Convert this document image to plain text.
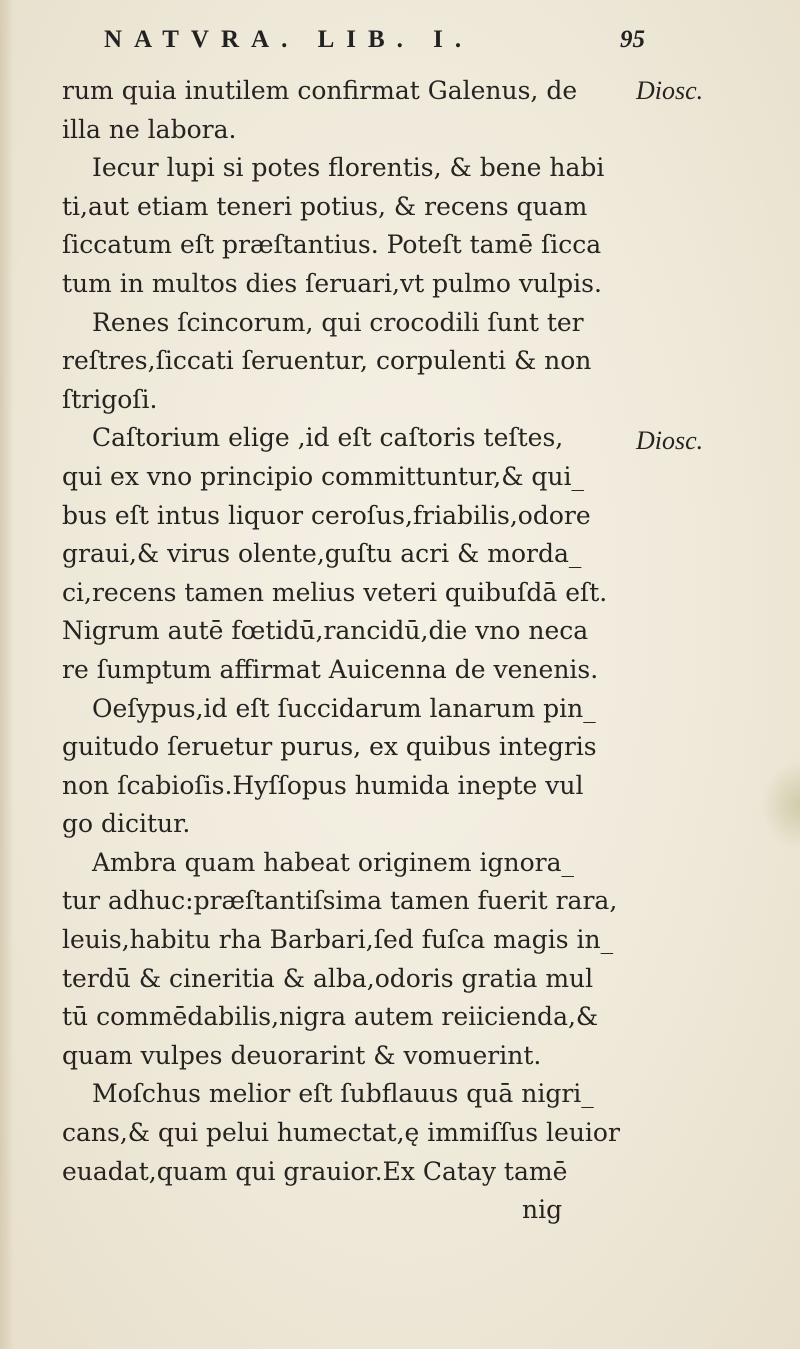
NATVRA. LIB. I.	95
Diosc.
Diosc.
rum quia inutilem confirmat Galenus, de
illa ne labora.
Iecur lupi si potes florentis, & bene habi
ti,aut etiam teneri potius, & recens quam
ſiccatum eſt præſtantius. Poteſt tamē ſicca
tum in multos dies ſeruari,vt pulmo vulpis.
Renes ſcincorum, qui crocodili ſunt ter
reſtres,ſiccati ſeruentur, corpulenti & non
ſtrigoſi.
Caſtorium elige ,id eſt caſtoris teſtes,
qui ex vno principio committuntur,& qui_
bus eſt intus liquor ceroſus,friabilis,odore
graui,& virus olente,guſtu acri & morda_
ci,recens tamen melius veteri quibuſdā eſt.
Nigrum autē fœtidū,rancidū,die vno neca
re ſumptum affirmat Auicenna de venenis.
Oeſypus,id eſt ſuccidarum lanarum pin_
guitudo ſeruetur purus, ex quibus integris
non ſcabioſis.Hyſſopus humida inepte vul
go dicitur.
Ambra quam habeat originem ignora_
tur adhuc:præſtantiſsima tamen fuerit rara,
leuis,habitu rha Barbari,ſed fuſca magis in_
terdū & cineritia & alba,odoris gratia mul
tū commēdabilis,nigra autem reiicienda,&
quam vulpes deuorarint & vomuerint.
Moſchus melior eſt ſubflauus quā nigri_
cans,& qui pelui humectat,ę immiſſus leuior
euadat,quam qui grauior.Ex Catay tamē
nig
